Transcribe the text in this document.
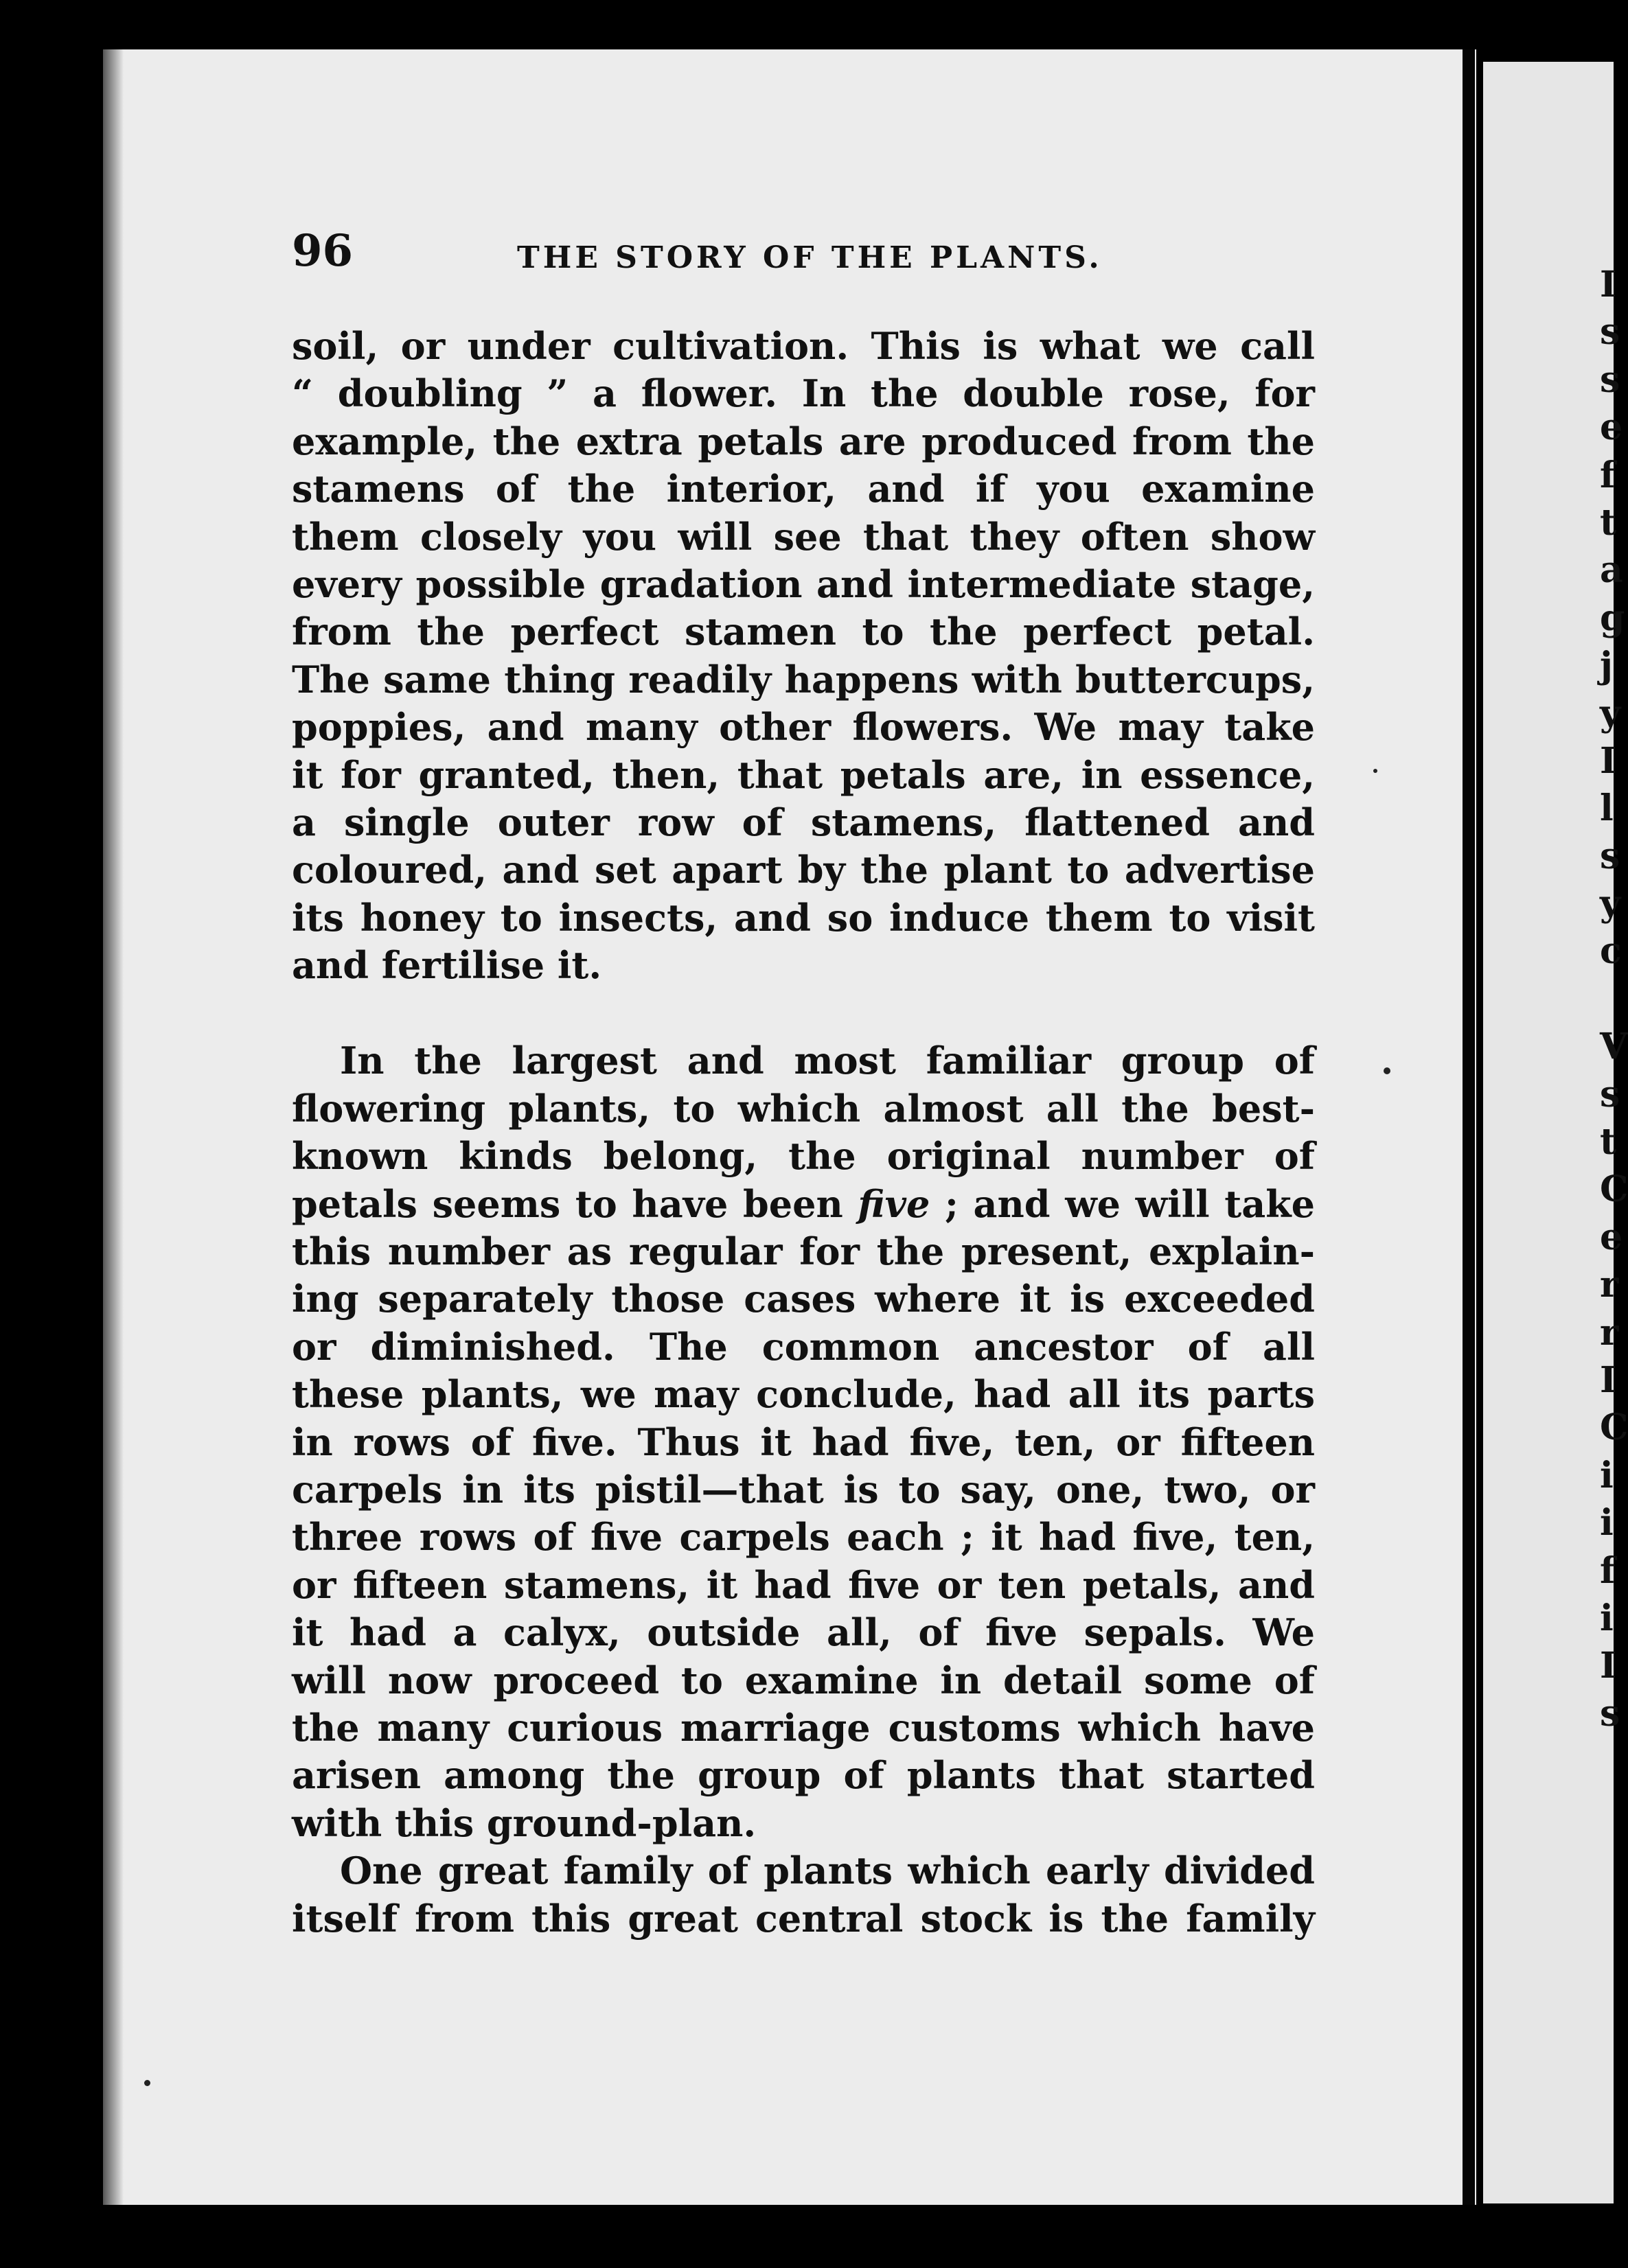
I
s
s
e
f
t
a
g
j
y
I
l
s
y
c
V
s
t
C
e
r
r
I
C
i
i
f
i
I
s
96	THE STORY OF THE PLANTS.
soil, or under cultivation. This is what we call
“ doubling ” a flower. In the double rose, for
example, the extra petals are produced from the
stamens of the interior, and if you examine
them closely you will see that they often show
every possible gradation and intermediate stage,
from the perfect stamen to the perfect petal.
The same thing readily happens with buttercups,
poppies, and many other flowers. We may take
it for granted, then, that petals are, in essence,
a single outer row of stamens, flattened and
coloured, and set apart by the plant to advertise
its honey to insects, and so induce them to visit
and fertilise it.
In the largest and most familiar group of
flowering plants, to which almost all the best-
known kinds belong, the original number of
petals seems to have been five ; and we will take
this number as regular for the present, explain-
ing separately those cases where it is exceeded
or diminished. The common ancestor of all
these plants, we may conclude, had all its parts
in rows of five. Thus it had five, ten, or fifteen
carpels in its pistil—that is to say, one, two, or
three rows of five carpels each ; it had five, ten,
or fifteen stamens, it had five or ten petals, and
it had a calyx, outside all, of five sepals. We
will now proceed to examine in detail some of
the many curious marriage customs which have
arisen among the group of plants that started
with this ground-plan.
One great family of plants which early divided
itself from this great central stock is the family
